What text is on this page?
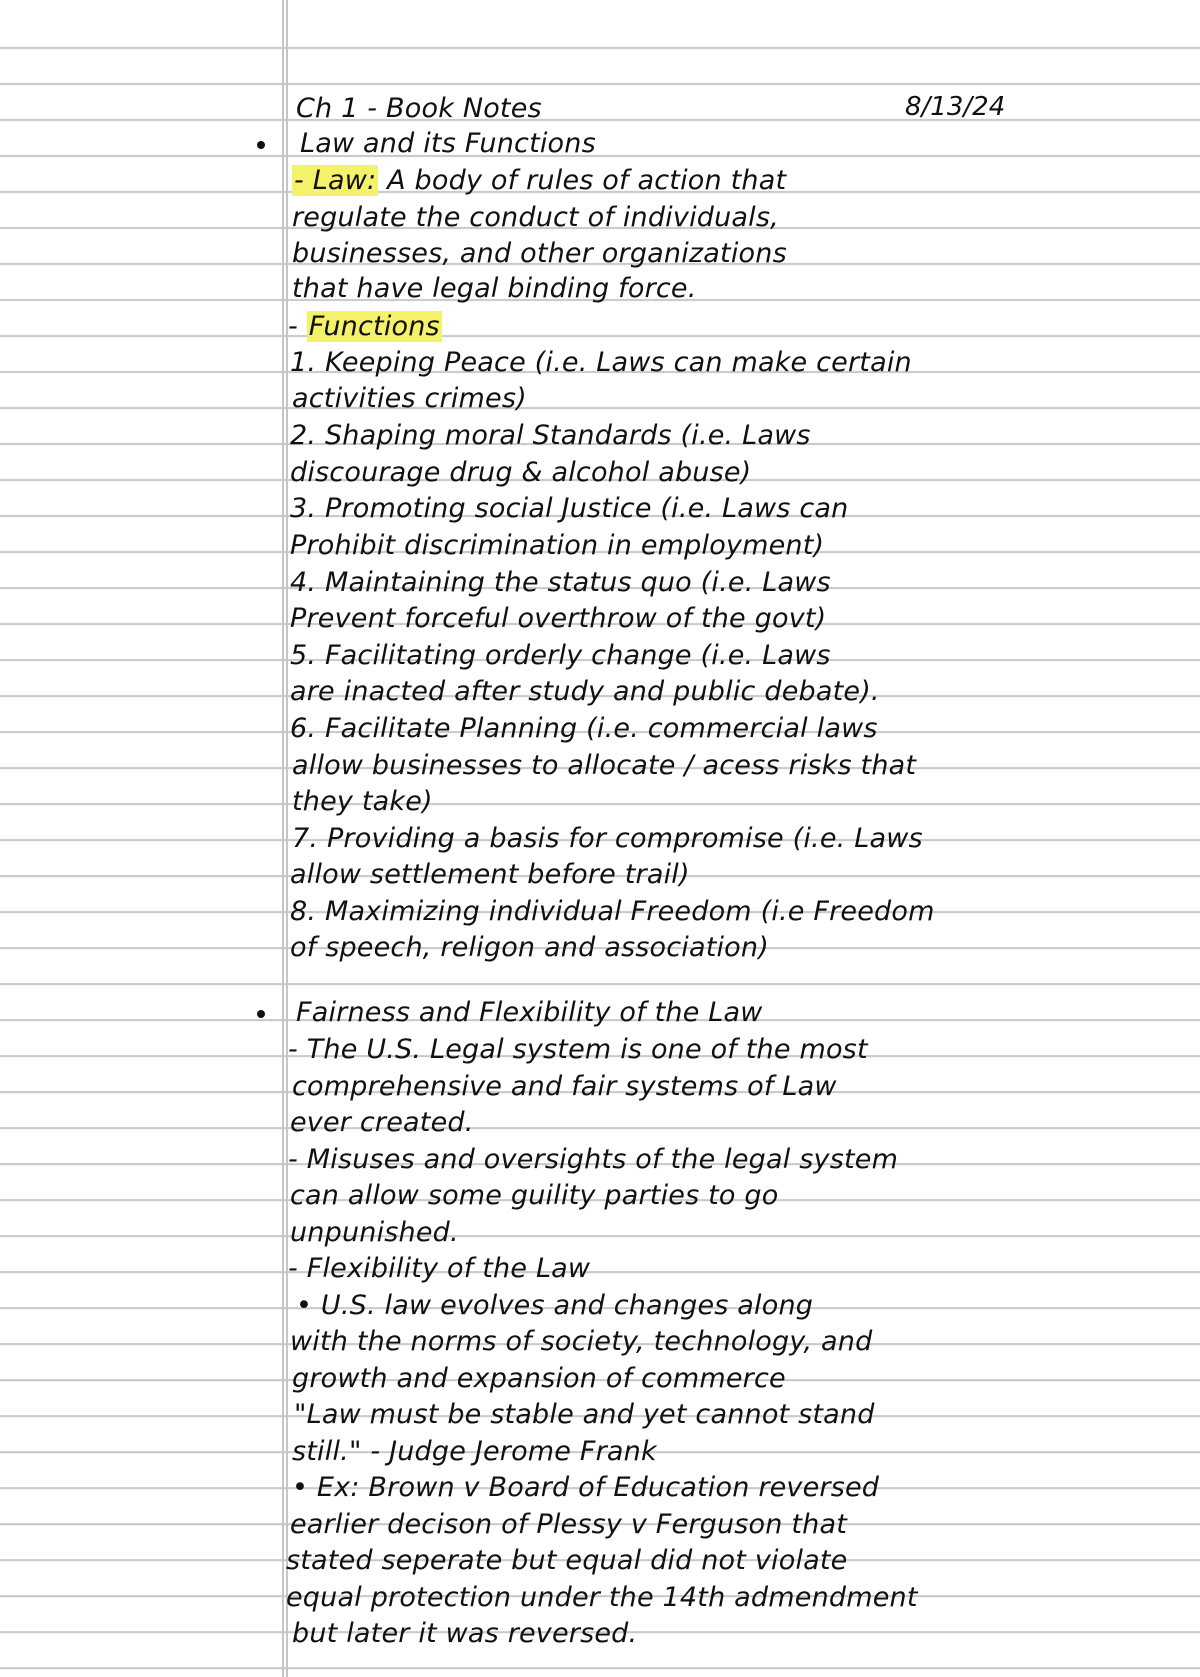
Ch 1 - Book Notes	8/13/24
Law and its Functions
- Law: A body of rules of action that
regulate the conduct of individuals,
businesses, and other organizations
that have legal binding force.
- Functions
1. Keeping Peace (i.e. Laws can make certain
activities crimes)
2. Shaping moral Standards (i.e. Laws
discourage drug & alcohol abuse)
3. Promoting social Justice (i.e. Laws can
Prohibit discrimination in employment)
4. Maintaining the status quo (i.e. Laws
Prevent forceful overthrow of the govt)
5. Facilitating orderly change (i.e. Laws
are inacted after study and public debate).
6. Facilitate Planning (i.e. commercial laws
allow businesses to allocate / acess risks that
they take)
7. Providing a basis for compromise (i.e. Laws
allow settlement before trail)
8. Maximizing individual Freedom (i.e Freedom
of speech, religon and association)
Fairness and Flexibility of the Law
- The U.S. Legal system is one of the most
comprehensive and fair systems of Law
ever created.
- Misuses and oversights of the legal system
can allow some guility parties to go
unpunished.
- Flexibility of the Law
• U.S. law evolves and changes along
with the norms of society, technology, and
growth and expansion of commerce
"Law must be stable and yet cannot stand
still." - Judge Jerome Frank
• Ex: Brown v Board of Education reversed
earlier decison of Plessy v Ferguson that
stated seperate but equal did not violate
equal protection under the 14th admendment
but later it was reversed.
